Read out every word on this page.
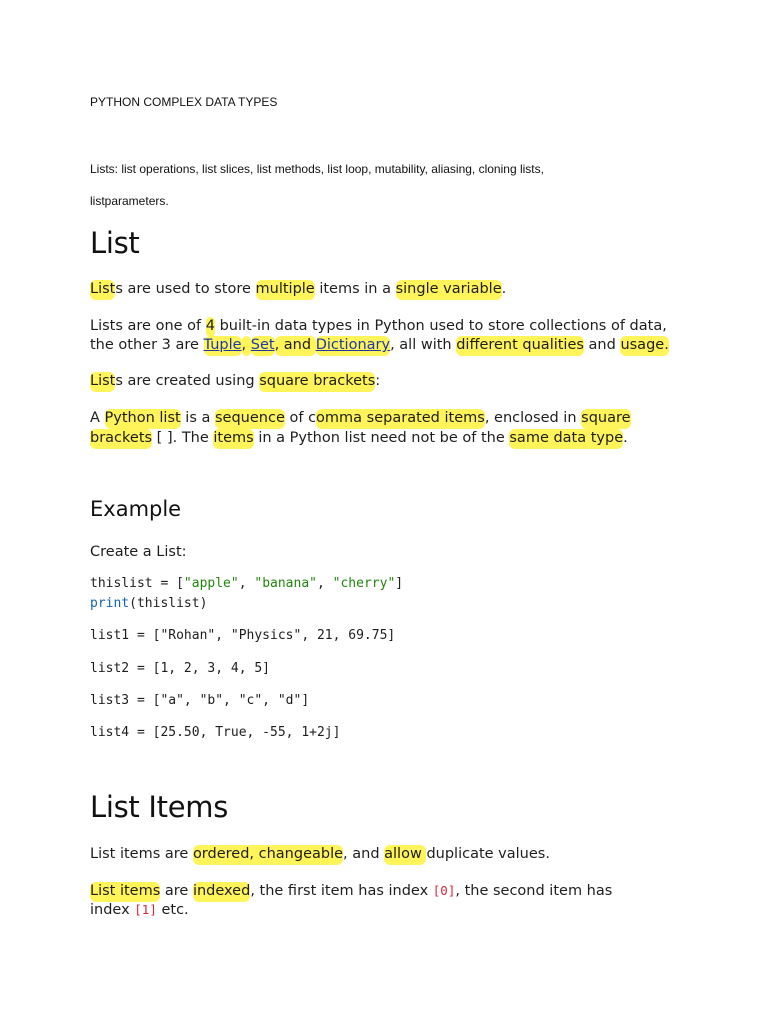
PYTHON COMPLEX DATA TYPES
Lists: list operations, list slices, list methods, list loop, mutability, aliasing, cloning lists,
listparameters.
List
Lists are used to store multiple items in a single variable.
Lists are one of 4 built-in data types in Python used to store collections of data,
the other 3 are Tuple, Set, and Dictionary, all with different qualities and usage.
Lists are created using square brackets:
A Python list is a sequence of comma separated items, enclosed in square
brackets [ ]. The items in a Python list need not be of the same data type.
Example
Create a List:
thislist = ["apple", "banana", "cherry"]
print(thislist)
list1 = ["Rohan", "Physics", 21, 69.75]
list2 = [1, 2, 3, 4, 5]
list3 = ["a", "b", "c", "d"]
list4 = [25.50, True, -55, 1+2j]
List Items
List items are ordered, changeable, and allow duplicate values.
List items are indexed, the first item has index [0], the second item has
index [1] etc.
